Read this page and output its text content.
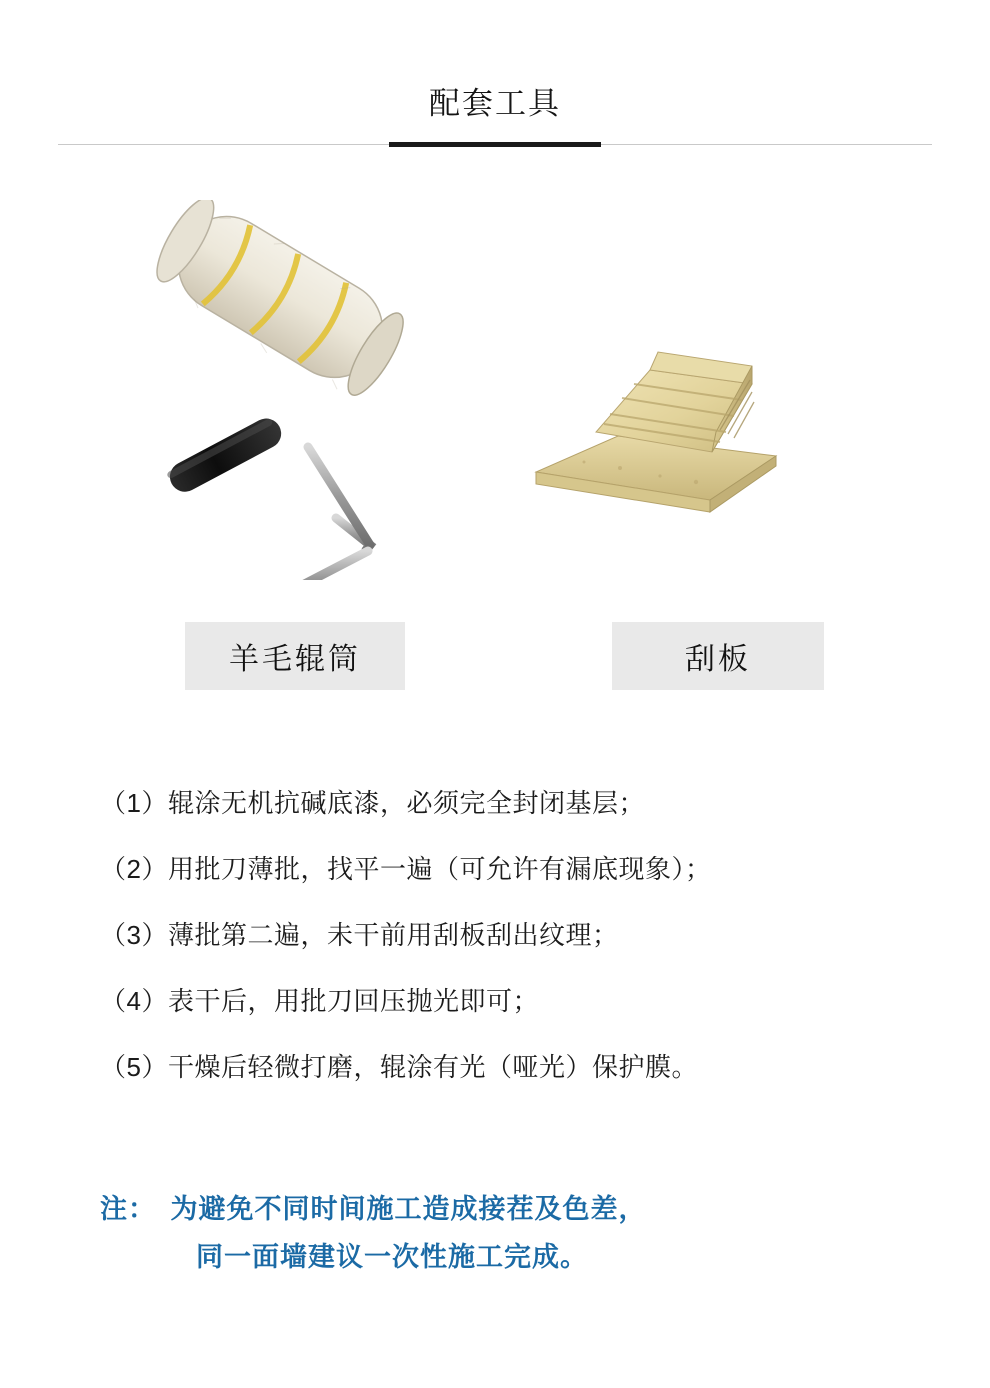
配套工具
羊毛辊筒	刮板
（1）辊涂无机抗碱底漆，必须完全封闭基层；
（2）用批刀薄批，找平一遍（可允许有漏底现象）；
（3）薄批第二遍，未干前用刮板刮出纹理；
（4）表干后，用批刀回压抛光即可；
（5）干燥后轻微打磨，辊涂有光（哑光）保护膜。
注： 为避免不同时间施工造成接茬及色差，
同一面墙建议一次性施工完成。
